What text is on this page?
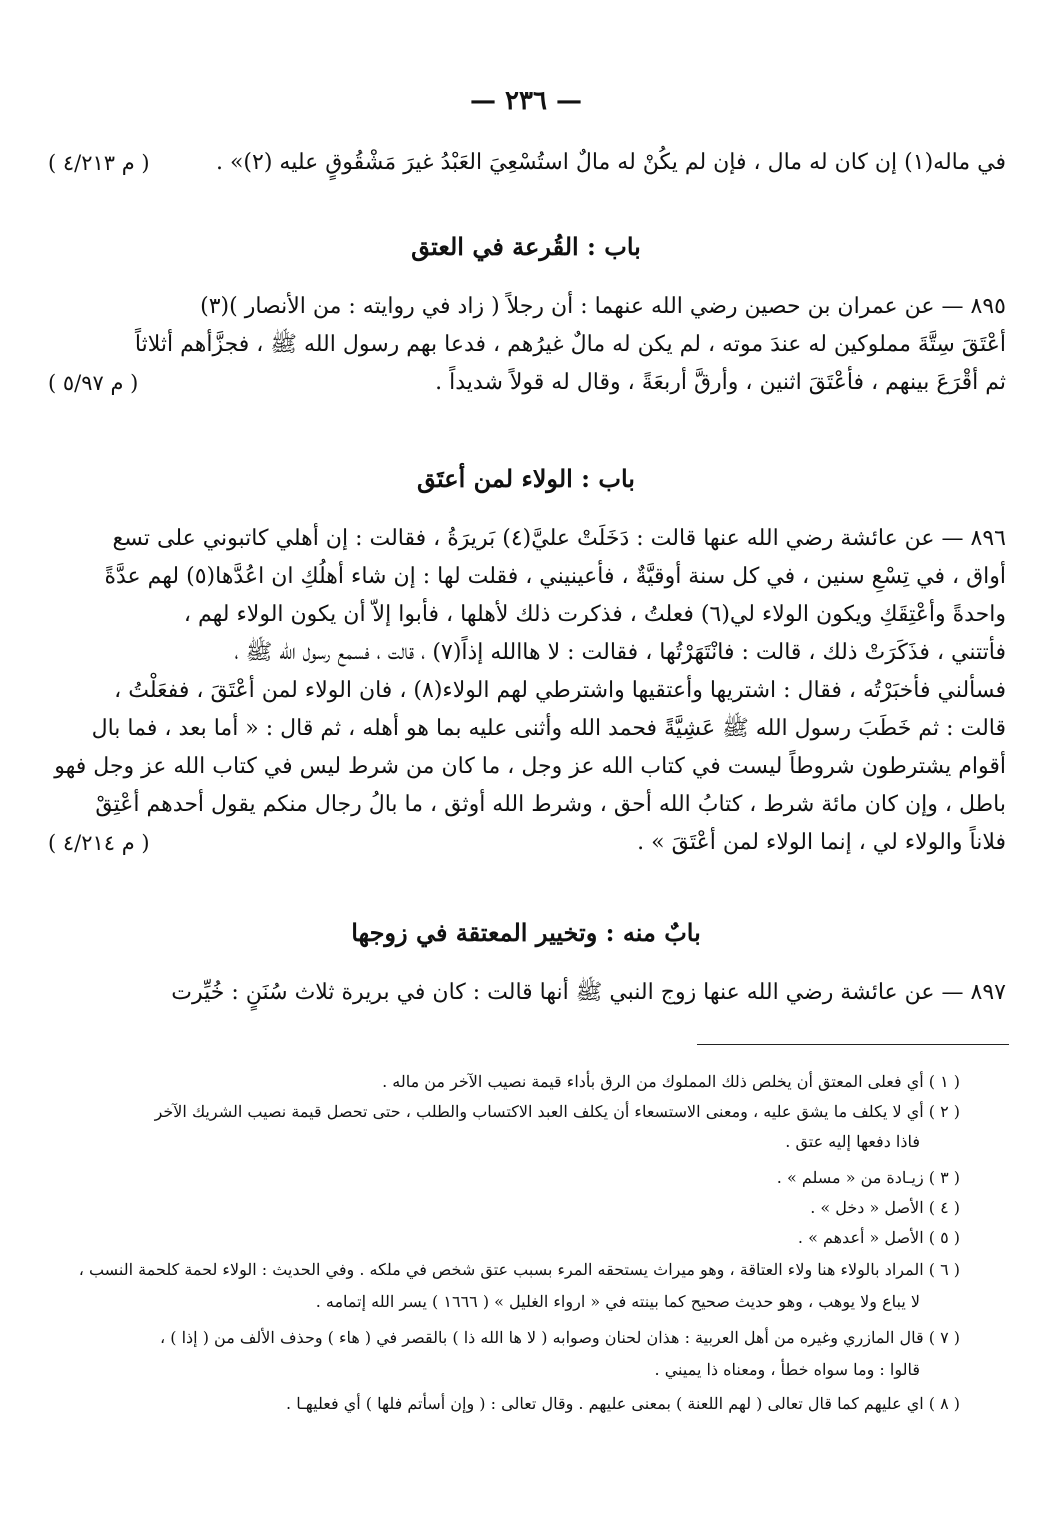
— ٢٣٦ —
في ماله(١) إن كان له مال ، فإن لم يكُنْ له مالٌ استُسْعِيَ العَبْدُ غيرَ مَشْقُوقٍ عليه (٢)» .
( م ٤/٢١٣ )
باب : القُرعة في العتق
٨٩٥ — عن عمران بن حصين رضي الله عنهما : أن رجلاً ( زاد في روايته : من الأنصار )(٣)
أعْتَقَ سِتَّةَ مملوكين له عندَ موته ، لم يكن له مالٌ غيرُهم ، فدعا بهم رسول الله ﷺ ، فجزَّأهم أثلاثاً
ثم أقْرَعَ بينهم ، فأعْتَقَ اثنين ، وأرقَّ أربعَةً ، وقال له قولاً شديداً .
( م ٥/٩٧ )
باب : الولاء لمن أعتَق
٨٩٦ — عن عائشة رضي الله عنها قالت : دَخَلَتْ عليَّ(٤) بَريرَةُ ، فقالت : إن أهلي كاتبوني على تسع
أواق ، في تِسْعِ سنين ، في كل سنة أوقيَّةٌ ، فأعينيني ، فقلت لها : إن شاء أهلُكِ ان اعُدَّها(٥) لهم عدَّةً
واحدةً وأعْتِقَكِ ويكون الولاء لي(٦) فعلتُ ، فذكرت ذلك لأهلها ، فأبوا إلاّ أن يكون الولاء لهم ،
فأتتني ، فذَكَرَتْ ذلك ، قالت : فانْتَهَرْتُها ، فقالت : لا هاالله إذاً(٧) ، قالت ، فسمع رسول الله ﷺ ،
فسألني فأخبَرْتُه ، فقال : اشتريها وأعتقيها واشترطي لهم الولاء(٨) ، فان الولاء لمن أعْتَقَ ، ففعَلْتُ ،
قالت : ثم خَطَبَ رسول الله ﷺ عَشِيَّةً فحمد الله وأثنى عليه بما هو أهله ، ثم قال : « أما بعد ، فما بال
أقوام يشترطون شروطاً ليست في كتاب الله عز وجل ، ما كان من شرط ليس في كتاب الله عز وجل فهو
باطل ، وإن كان مائة شرط ، كتابُ الله أحق ، وشرط الله أوثق ، ما بالُ رجال منكم يقول أحدهم أعْتِقْ
فلاناً والولاء لي ، إنما الولاء لمن أعْتَقَ » .
( م ٤/٢١٤ )
بابٌ منه : وتخيير المعتقة في زوجها
٨٩٧ — عن عائشة رضي الله عنها زوج النبي ﷺ أنها قالت : كان في بريرة ثلاث سُنَنٍ : خُيِّرت
( ١ ) أي فعلى المعتق أن يخلص ذلك المملوك من الرق بأداء قيمة نصيب الآخر من ماله .
( ٢ ) أي لا يكلف ما يشق عليه ، ومعنى الاستسعاء أن يكلف العبد الاكتساب والطلب ، حتى تحصل قيمة نصيب الشريك الآخر
فاذا دفعها إليه عتق .
( ٣ ) زيـادة من « مسلم » .
( ٤ ) الأصل « دخل » .
( ٥ ) الأصل « أعدهم » .
( ٦ ) المراد بالولاء هنا ولاء العتاقة ، وهو ميراث يستحقه المرء بسبب عتق شخص في ملكه . وفي الحديث : الولاء لحمة كلحمة النسب ،
لا يباع ولا يوهب ، وهو حديث صحيح كما بينته في « ارواء الغليل » ( ١٦٦٦ ) يسر الله إتمامه .
( ٧ ) قال المازري وغيره من أهل العربية : هذان لحنان وصوابه ( لا ها الله ذا ) بالقصر في ( هاء ) وحذف الألف من ( إذا ) ،
قالوا : وما سواه خطأ ، ومعناه ذا يميني .
( ٨ ) اي عليهم كما قال تعالى ( لهم اللعنة ) بمعنى عليهم . وقال تعالى : ( وإن أسأتم فلها ) أي فعليهـا .
